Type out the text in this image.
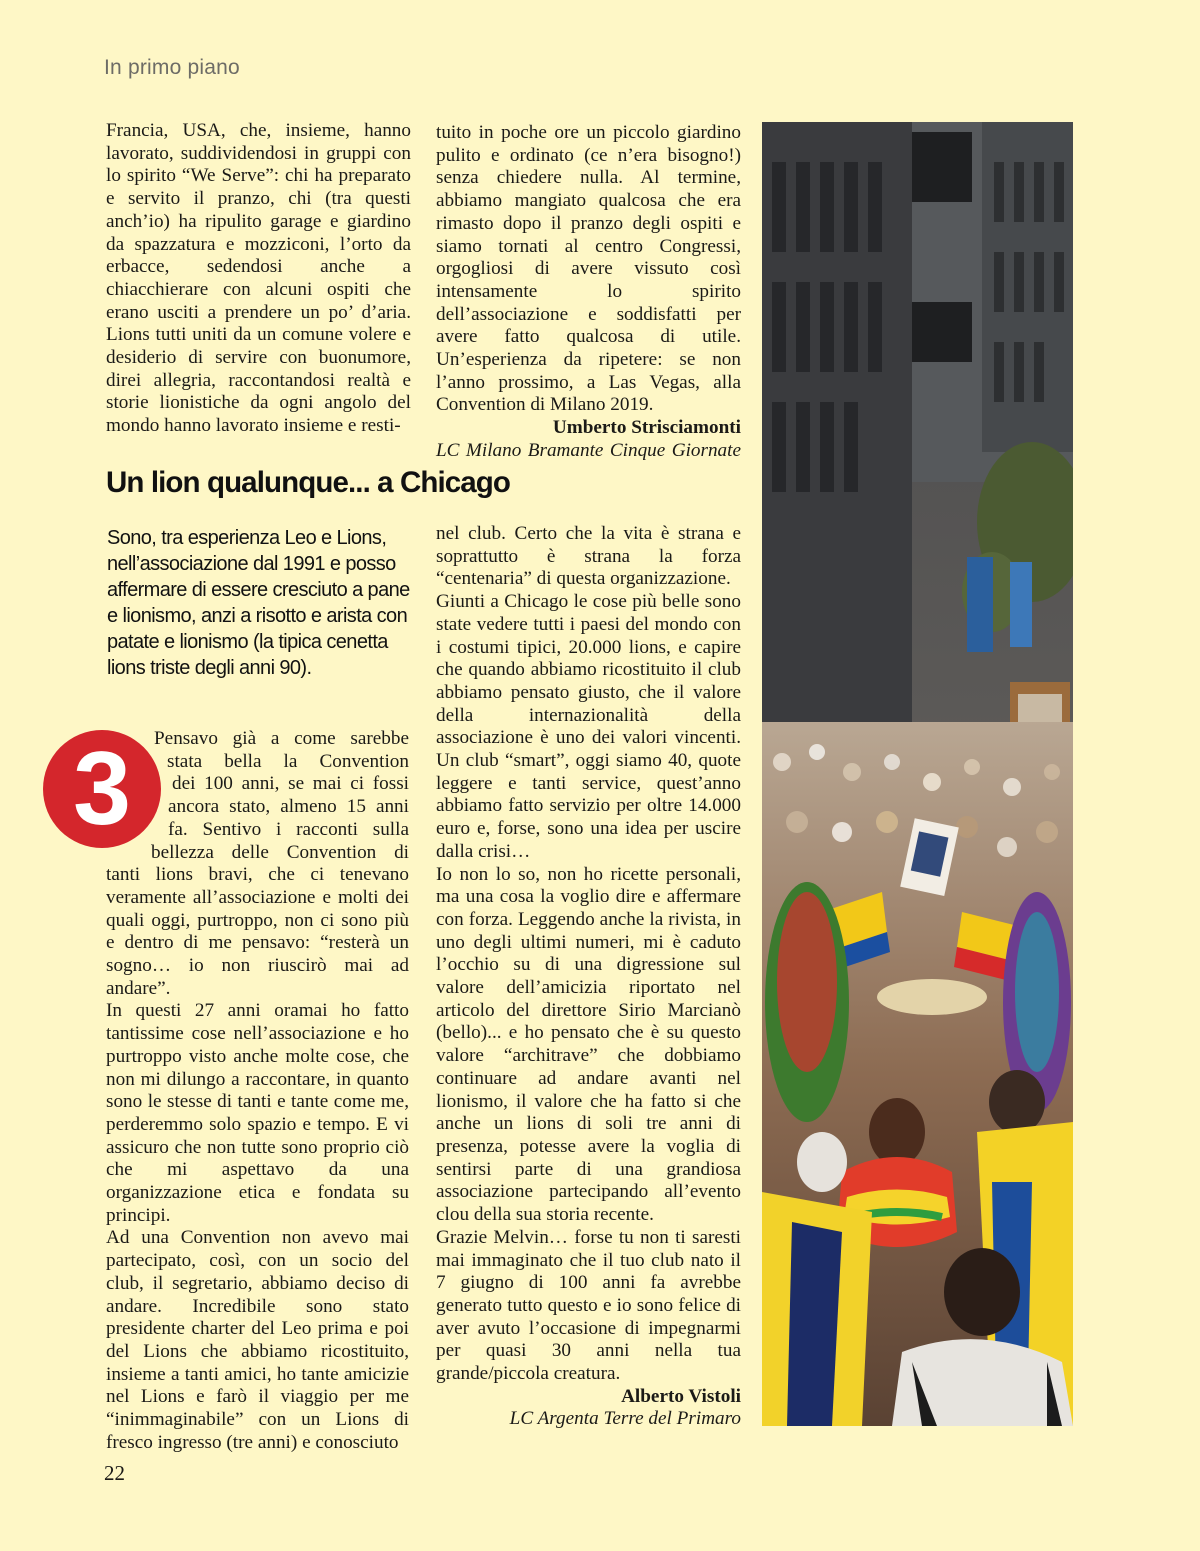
In primo piano

Francia, USA, che, insieme, hanno lavorato, suddividendosi in gruppi con lo spirito “We Serve”: chi ha preparato e servito il pranzo, chi (tra questi anch’io) ha ripulito garage e giardino da spazzatura e mozziconi, l’orto da erbacce, sedendosi anche a chiacchierare con alcuni ospiti che erano usciti a prendere un po’ d’aria. Lions tutti uniti da un comune volere e desiderio di servire con buonumore, direi allegria, raccontandosi realtà e storie lionistiche da ogni angolo del mondo hanno lavorato insieme e resti-

tuito in poche ore un piccolo giardino pulito e ordinato (ce n’era bisogno!) senza chiedere nulla. Al termine, abbiamo mangiato qualcosa che era rimasto dopo il pranzo degli ospiti e siamo tornati al centro Congressi, orgogliosi di avere vissuto così intensamente lo spirito dell’associazione e soddisfatti per avere fatto qualcosa di utile. Un’esperienza da ripetere: se non l’anno prossimo, a Las Vegas, alla Convention di Milano 2019.

Umberto Strisciamonti

LC Milano Bramante Cinque Giornate

Un lion qualunque... a Chicago
Sono, tra esperienza Leo e Lions, nell’associazione dal 1991 e posso affermare di essere cresciuto a pane e lionismo, anzi a risotto e arista con patate e lionismo (la tipica cenetta lions triste degli anni 90).
3	Pensavo già a come sarebbe
stata bella la Convention
dei 100 anni, se mai ci fossi
ancora stato, almeno 15 anni
fa. Sentivo i racconti sulla
bellezza delle Convention di

tanti lions bravi, che ci tenevano veramente all’associazione e molti dei quali oggi, purtroppo, non ci sono più e dentro di me pensavo: “resterà un sogno… io non riuscirò mai ad andare”.

In questi 27 anni oramai ho fatto tantissime cose nell’associazione e ho purtroppo visto anche molte cose, che non mi dilungo a raccontare, in quanto sono le stesse di tanti e tante come me, perderemmo solo spazio e tempo. E vi assicuro che non tutte sono proprio ciò che mi aspettavo da una organizzazione etica e fondata su principi.

Ad una Convention non avevo mai partecipato, così, con un socio del club, il segretario, abbiamo deciso di andare. Incredibile sono stato presidente charter del Leo prima e poi del Lions che abbiamo ricostituito, insieme a tanti amici, ho tante amicizie nel Lions e farò il viaggio per me “inimmaginabile” con un Lions di fresco ingresso (tre anni) e conosciuto

nel club. Certo che la vita è strana e soprattutto è strana la forza “centenaria” di questa organizzazione.

Giunti a Chicago le cose più belle sono state vedere tutti i paesi del mondo con i costumi tipici, 20.000 lions, e capire che quando abbiamo ricostituito il club abbiamo pensato giusto, che il valore della internazionalità della associazione è uno dei valori vincenti. Un club “smart”, oggi siamo 40, quote leggere e tanti service, quest’anno abbiamo fatto servizio per oltre 14.000 euro e, forse, sono una idea per uscire dalla crisi…

Io non lo so, non ho ricette personali, ma una cosa la voglio dire e affermare con forza. Leggendo anche la rivista, in uno degli ultimi numeri, mi è caduto l’occhio su di una digressione sul valore dell’amicizia riportato nel articolo del direttore Sirio Marcianò (bello)... e ho pensato che è su questo valore “architrave” che dobbiamo continuare ad andare avanti nel lionismo, il valore che ha fatto si che anche un lions di soli tre anni di presenza, potesse avere la voglia di sentirsi parte di una grandiosa associazione partecipando all’evento clou della sua storia recente.

Grazie Melvin… forse tu non ti saresti mai immaginato che il tuo club nato il 7 giugno di 100 anni fa avrebbe generato tutto questo e io sono felice di aver avuto l’occasione di impegnarmi per quasi 30 anni nella tua grande/piccola creatura.

Alberto Vistoli

LC Argenta Terre del Primaro

22
